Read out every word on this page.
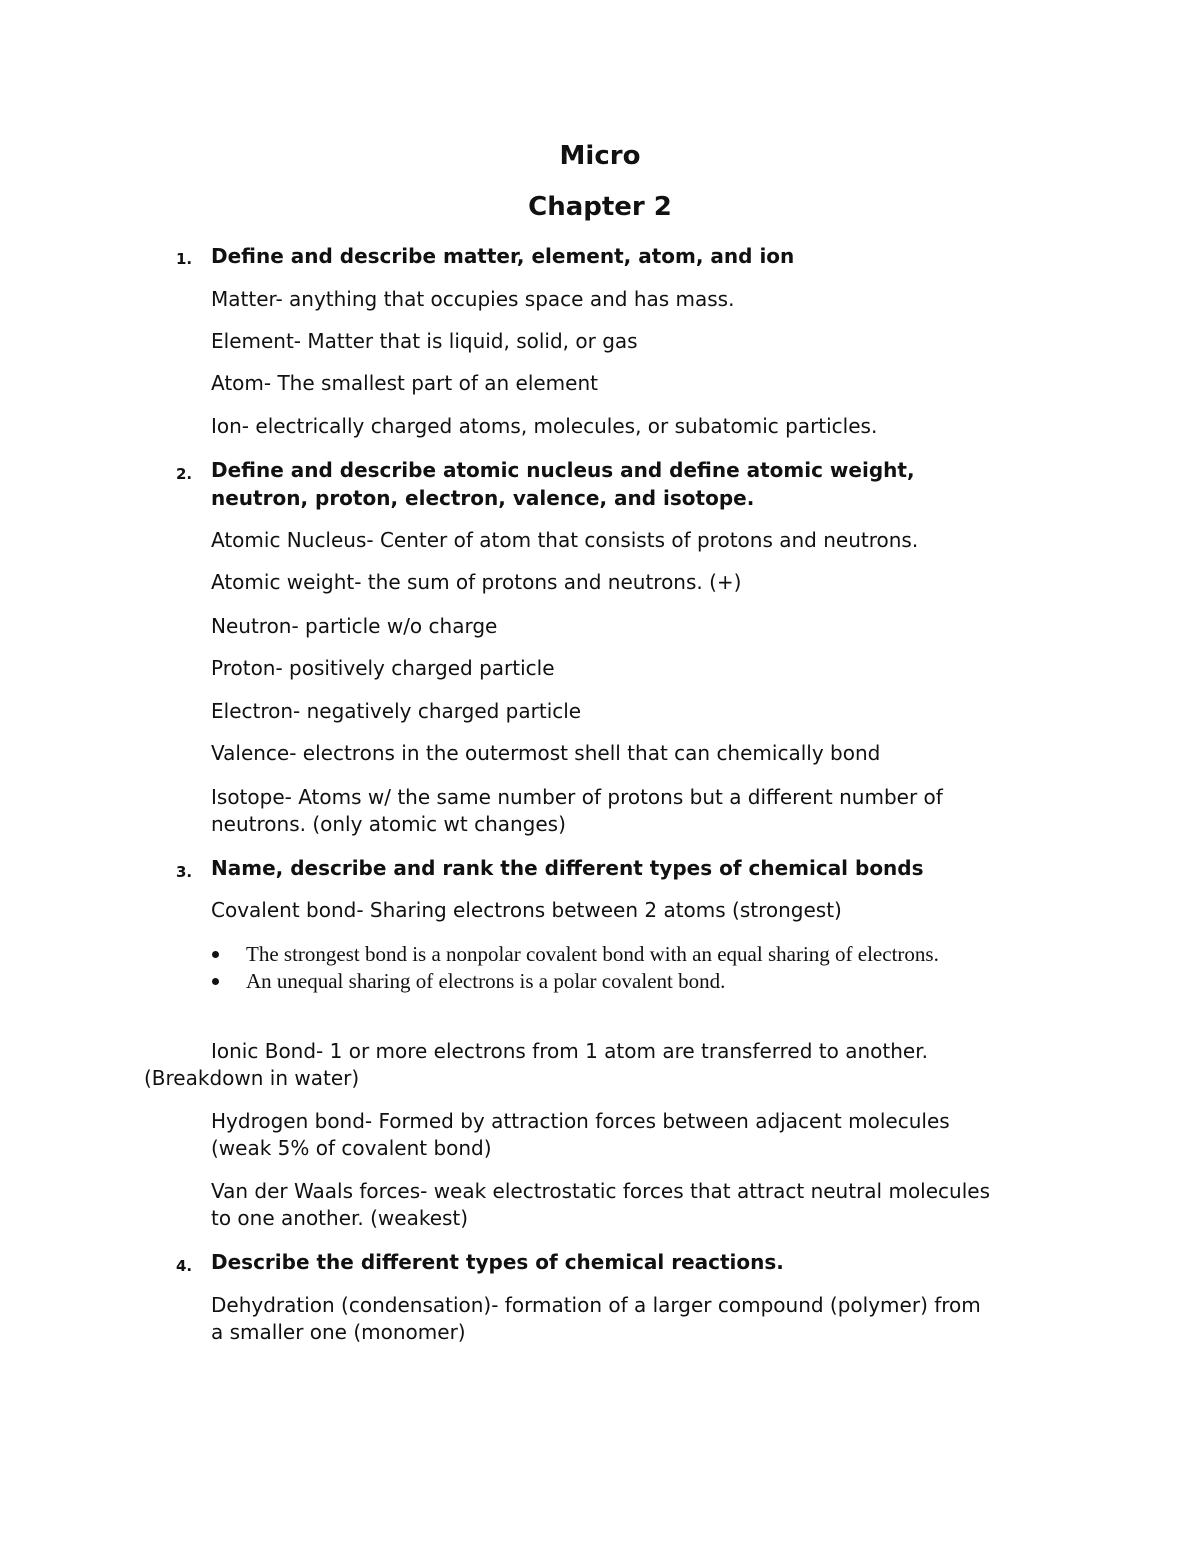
Micro
Chapter 2
1. Define and describe matter, element, atom, and ion
Matter- anything that occupies space and has mass.
Element- Matter that is liquid, solid, or gas
Atom- The smallest part of an element
Ion- electrically charged atoms, molecules, or subatomic particles.
2. Define and describe atomic nucleus and define atomic weight,
neutron, proton, electron, valence, and isotope.
Atomic Nucleus- Center of atom that consists of protons and neutrons.
Atomic weight- the sum of protons and neutrons. (+)
Neutron- particle w/o charge
Proton- positively charged particle
Electron- negatively charged particle
Valence- electrons in the outermost shell that can chemically bond
Isotope- Atoms w/ the same number of protons but a different number of
neutrons. (only atomic wt changes)
3. Name, describe and rank the different types of chemical bonds
Covalent bond- Sharing electrons between 2 atoms (strongest)
The strongest bond is a nonpolar covalent bond with an equal sharing of electrons.
An unequal sharing of electrons is a polar covalent bond.
Ionic Bond- 1 or more electrons from 1 atom are transferred to another.
(Breakdown in water)
Hydrogen bond- Formed by attraction forces between adjacent molecules
(weak 5% of covalent bond)
Van der Waals forces- weak electrostatic forces that attract neutral molecules
to one another. (weakest)
4. Describe the different types of chemical reactions.
Dehydration (condensation)- formation of a larger compound (polymer) from
a smaller one (monomer)
